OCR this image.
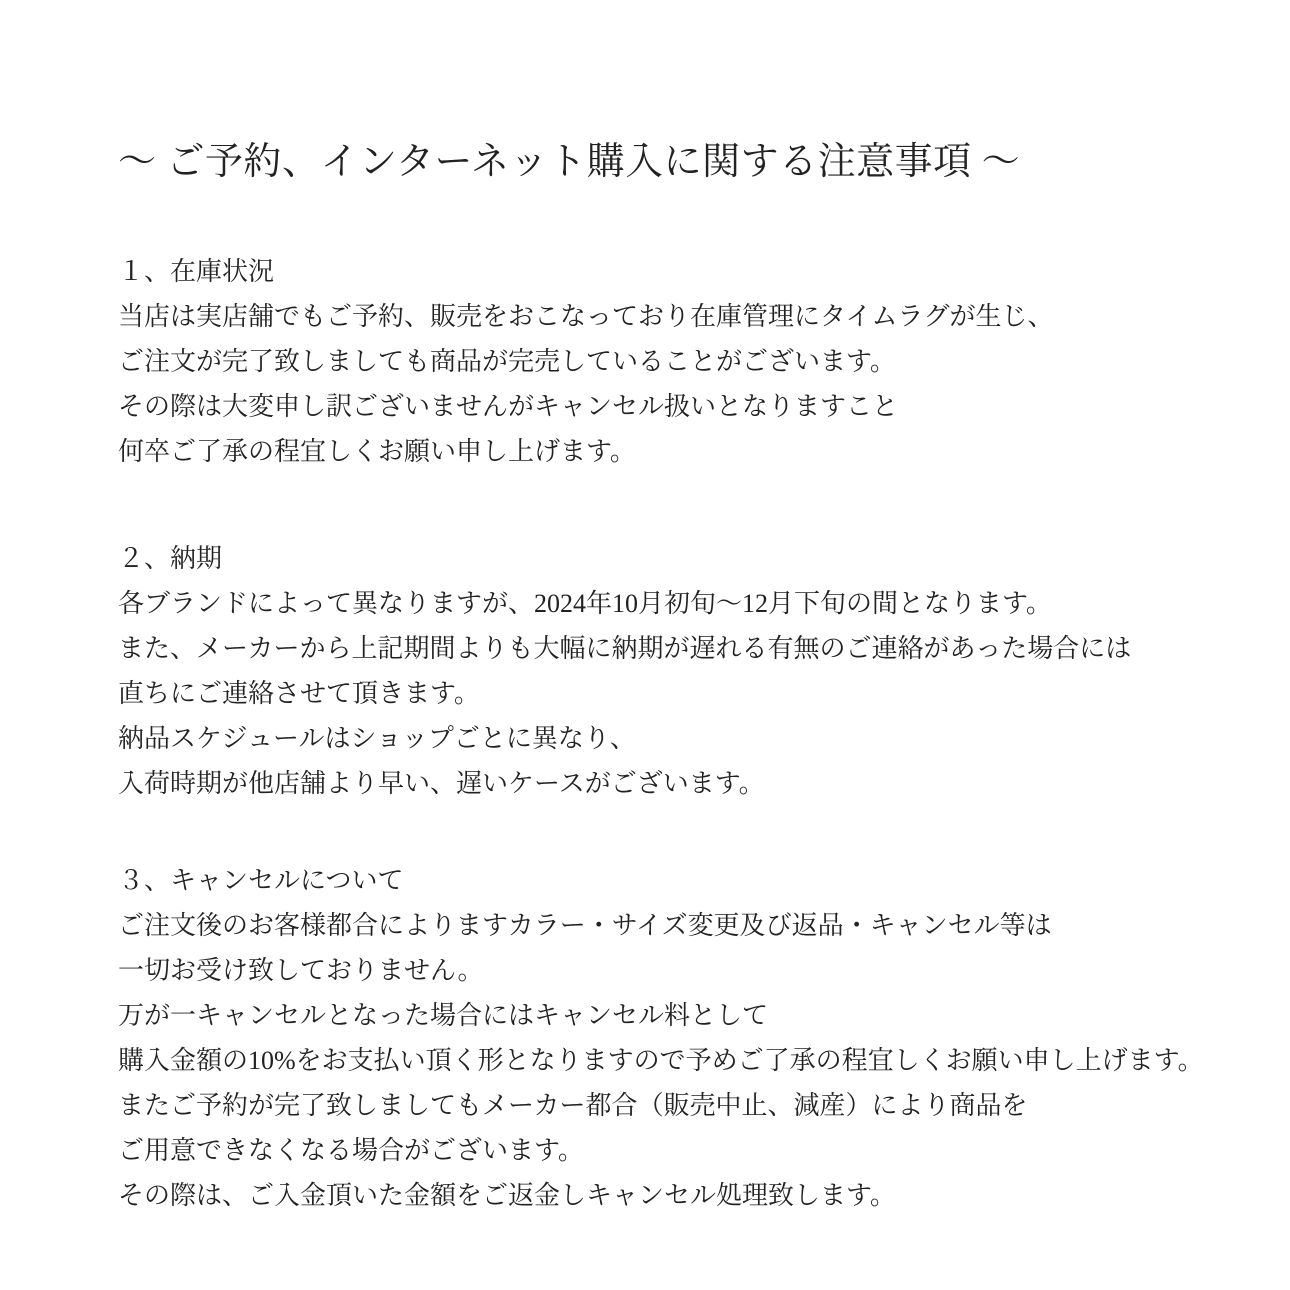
〜 ご予約、インターネット購入に関する注意事項 〜
１、在庫状況
当店は実店舗でもご予約、販売をおこなっており在庫管理にタイムラグが生じ、
ご注文が完了致しましても商品が完売していることがございます。
その際は大変申し訳ございませんがキャンセル扱いとなりますこと
何卒ご了承の程宜しくお願い申し上げます。
２、納期
各ブランドによって異なりますが、2024年10月初旬～12月下旬の間となります。
また、メーカーから上記期間よりも大幅に納期が遅れる有無のご連絡があった場合には
直ちにご連絡させて頂きます。
納品スケジュールはショップごとに異なり、
入荷時期が他店舗より早い、遅いケースがございます。
３、キャンセルについて
ご注文後のお客様都合によりますカラー・サイズ変更及び返品・キャンセル等は
一切お受け致しておりません。
万が一キャンセルとなった場合にはキャンセル料として
購入金額の10%をお支払い頂く形となりますので予めご了承の程宜しくお願い申し上げます。
またご予約が完了致しましてもメーカー都合（販売中止、減産）により商品を
ご用意できなくなる場合がございます。
その際は、ご入金頂いた金額をご返金しキャンセル処理致します。
